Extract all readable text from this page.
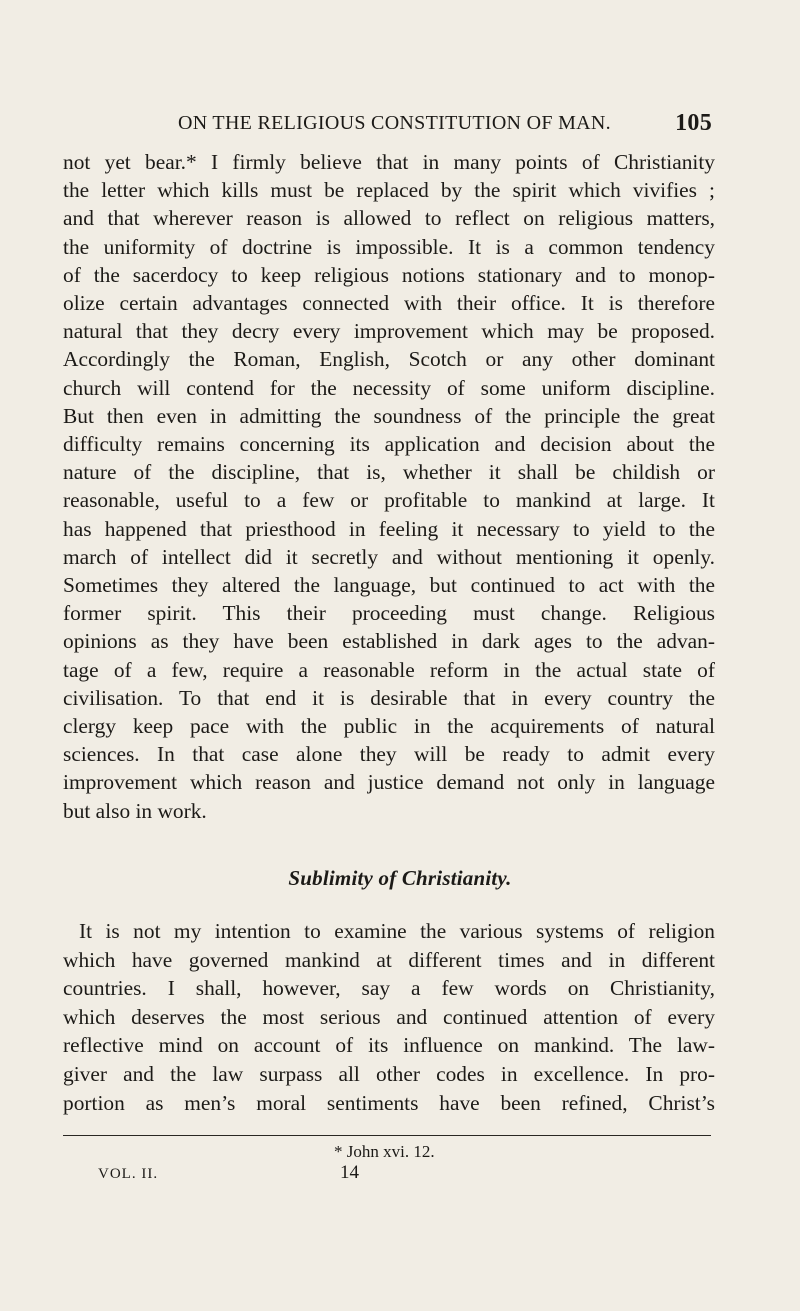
ON THE RELIGIOUS CONSTITUTION OF MAN.	105
not yet bear.* I firmly believe that in many points of Christianity
the letter which kills must be replaced by the spirit which vivifies ;
and that wherever reason is allowed to reflect on religious matters,
the uniformity of doctrine is impossible. It is a common tendency
of the sacerdocy to keep religious notions stationary and to monop-
olize certain advantages connected with their office. It is therefore
natural that they decry every improvement which may be proposed.
Accordingly the Roman, English, Scotch or any other dominant
church will contend for the necessity of some uniform discipline.
But then even in admitting the soundness of the principle the great
difficulty remains concerning its application and decision about the
nature of the discipline, that is, whether it shall be childish or
reasonable, useful to a few or profitable to mankind at large. It
has happened that priesthood in feeling it necessary to yield to the
march of intellect did it secretly and without mentioning it openly.
Sometimes they altered the language, but continued to act with the
former spirit. This their proceeding must change. Religious
opinions as they have been established in dark ages to the advan-
tage of a few, require a reasonable reform in the actual state of
civilisation. To that end it is desirable that in every country the
clergy keep pace with the public in the acquirements of natural
sciences. In that case alone they will be ready to admit every
improvement which reason and justice demand not only in language
but also in work.
Sublimity of Christianity.
It is not my intention to examine the various systems of religion
which have governed mankind at different times and in different
countries. I shall, however, say a few words on Christianity,
which deserves the most serious and continued attention of every
reflective mind on account of its influence on mankind. The law-
giver and the law surpass all other codes in excellence. In pro-
portion as men’s moral sentiments have been refined, Christ’s
* John xvi. 12.
VOL. II.	14
